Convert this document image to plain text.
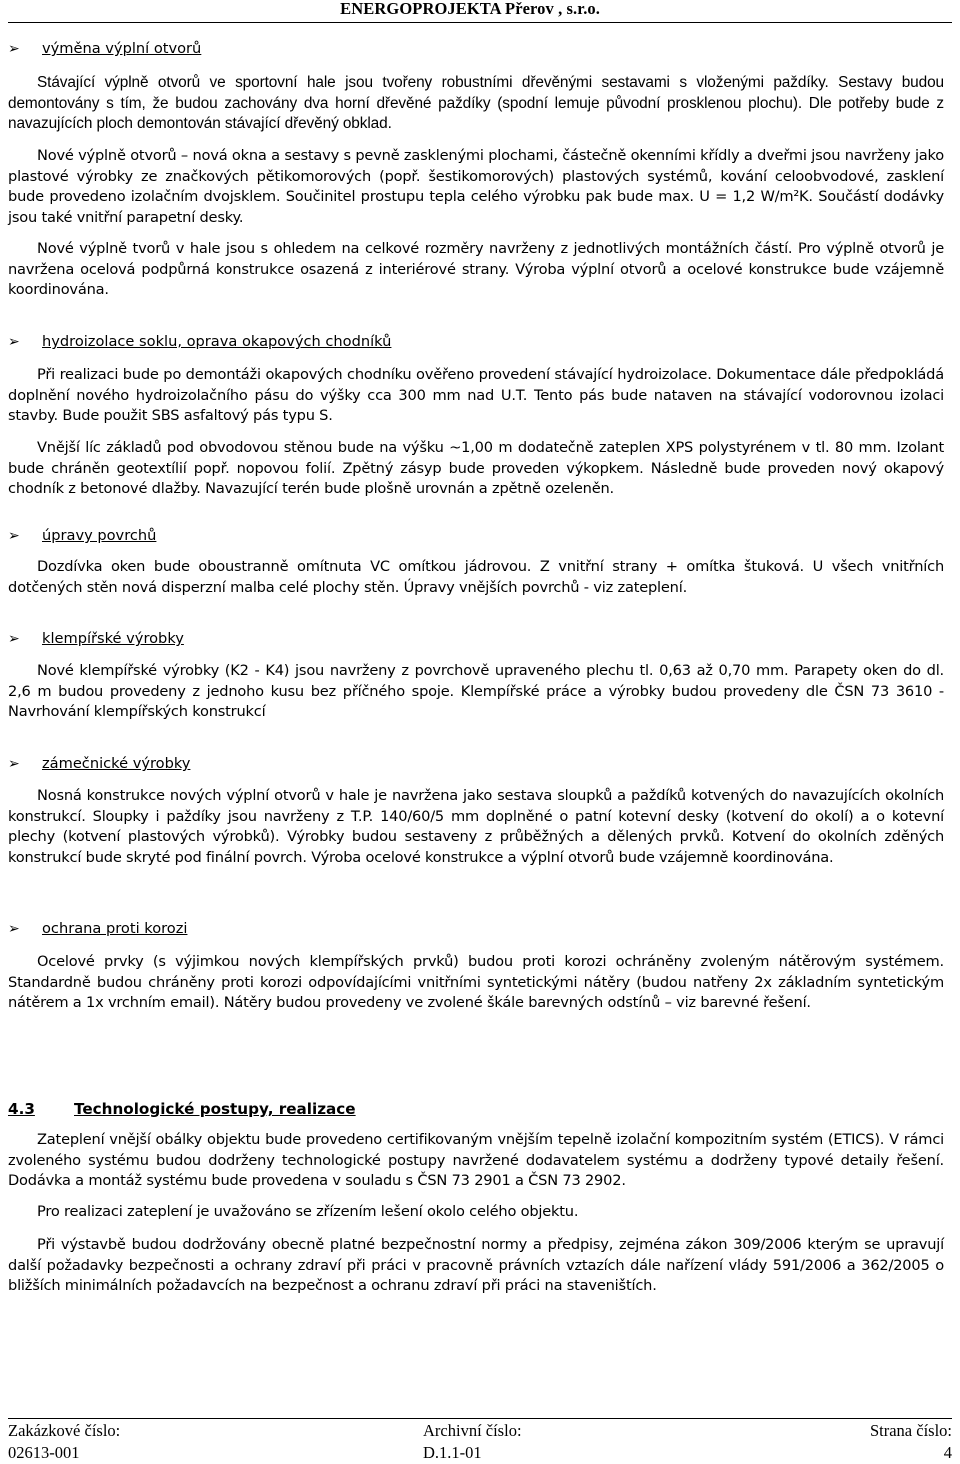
ENERGOPROJEKTA Přerov , s.r.o.
➢ výměna výplní otvorů

Stávající výplně otvorů ve sportovní hale jsou tvořeny robustními dřevěnými sestavami s vloženými paždíky. Sestavy budou demontovány s tím, že budou zachovány dva horní dřevěné paždíky (spodní lemuje původní prosklenou plochu). Dle potřeby bude z navazujících ploch demontován stávající dřevěný obklad.

Nové výplně otvorů – nová okna a sestavy s pevně zasklenými plochami, částečně okenními křídly a dveřmi jsou navrženy jako plastové výrobky ze značkových pětikomorových (popř. šestikomorových) plastových systémů, kování celoobvodové, zasklení bude provedeno izolačním dvojsklem. Součinitel prostupu tepla celého výrobku pak bude max. U = 1,2 W/m²K. Součástí dodávky jsou také vnitřní parapetní desky.

Nové výplně tvorů v hale jsou s ohledem na celkové rozměry navrženy z jednotlivých montážních částí. Pro výplně otvorů je navržena ocelová podpůrná konstrukce osazená z interiérové strany. Výroba výplní otvorů a ocelové konstrukce bude vzájemně koordinována.

➢ hydroizolace soklu, oprava okapových chodníků

Při realizaci bude po demontáži okapových chodníku ověřeno provedení stávající hydroizolace. Dokumentace dále předpokládá doplnění nového hydroizolačního pásu do výšky cca 300 mm nad U.T. Tento pás bude nataven na stávající vodorovnou izolaci stavby. Bude použit SBS asfaltový pás typu S.

Vnější líc základů pod obvodovou stěnou bude na výšku ~1,00 m dodatečně zateplen XPS polystyrénem v tl. 80 mm. Izolant bude chráněn geotextílií popř. nopovou folií. Zpětný zásyp bude proveden výkopkem. Následně bude proveden nový okapový chodník z betonové dlažby. Navazující terén bude plošně urovnán a zpětně ozeleněn.

➢ úpravy povrchů

Dozdívka oken bude oboustranně omítnuta VC omítkou jádrovou. Z vnitřní strany + omítka štuková. U všech vnitřních dotčených stěn nová disperzní malba celé plochy stěn. Úpravy vnějších povrchů - viz zateplení.

➢ klempířské výrobky

Nové klempířské výrobky (K2 - K4) jsou navrženy z povrchově upraveného plechu tl. 0,63 až 0,70 mm. Parapety oken do dl. 2,6 m budou provedeny z jednoho kusu bez příčného spoje. Klempířské práce a výrobky budou provedeny dle ČSN 73 3610 - Navrhování klempířských konstrukcí

➢ zámečnické výrobky

Nosná konstrukce nových výplní otvorů v hale je navržena jako sestava sloupků a paždíků kotvených do navazujících okolních konstrukcí. Sloupky i paždíky jsou navrženy z T.P. 140/60/5 mm doplněné o patní kotevní desky (kotvení do okolí) a o kotevní plechy (kotvení plastových výrobků). Výrobky budou sestaveny z průběžných a dělených prvků. Kotvení do okolních zděných konstrukcí bude skryté pod finální povrch. Výroba ocelové konstrukce a výplní otvorů bude vzájemně koordinována.

➢ ochrana proti korozi

Ocelové prvky (s výjimkou nových klempířských prvků) budou proti korozi ochráněny zvoleným nátěrovým systémem. Standardně budou chráněny proti korozi odpovídajícími vnitřními syntetickými nátěry (budou natřeny 2x základním syntetickým nátěrem a 1x vrchním email). Nátěry budou provedeny ve zvolené škále barevných odstínů – viz barevné řešení.

4.3	Technologické postupy, realizace

Zateplení vnější obálky objektu bude provedeno certifikovaným vnějším tepelně izolační kompozitním systém (ETICS). V rámci zvoleného systému budou dodrženy technologické postupy navržené dodavatelem systému a dodrženy typové detaily řešení. Dodávka a montáž systému bude provedena v souladu s ČSN 73 2901 a ČSN 73 2902.

Pro realizaci zateplení je uvažováno se zřízením lešení okolo celého objektu.

Při výstavbě budou dodržovány obecně platné bezpečnostní normy a předpisy, zejména zákon 309/2006 kterým se upravují další požadavky bezpečnosti a ochrany zdraví při práci v pracovně právních vztazích dále nařízení vlády 591/2006 a 362/2005 o bližších minimálních požadavcích na bezpečnost a ochranu zdraví při práci na staveništích.

Zakázkové číslo:
02613-001
Archivní číslo:
D.1.1-01
Strana číslo:
4
